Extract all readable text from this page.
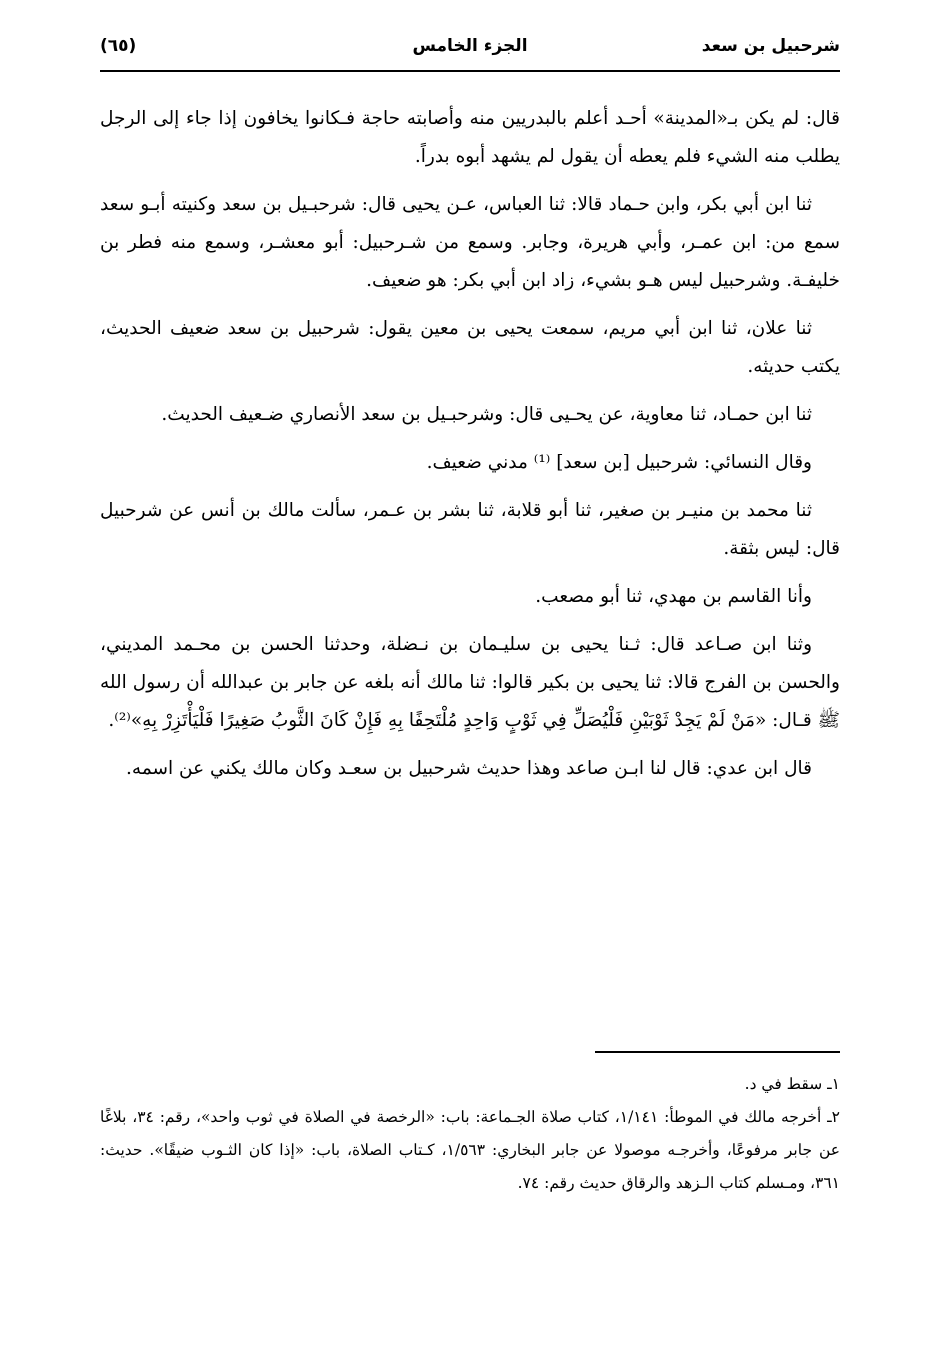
شرحبيل بن سعد
الجزء الخامس
(٦٥)

قال: لم يكن بـ«المدينة» أحـد أعلم بالبدريين منه وأصابته حاجة فـكانوا يخافون إذا جاء إلى الرجل يطلب منه الشيء فلم يعطه أن يقول لم يشهد أبوه بدراً.

ثنا ابن أبي بكر، وابن حـماد قالا: ثنا العباس، عـن يحيى قال: شرحبـيل بن سعد وكنيته أبـو سعد سمع من: ابن عمـر، وأبي هريرة، وجابر. وسمع من شـرحبيل: أبو معشـر، وسمع منه فطر بن خليفـة. وشرحبيل ليس هـو بشيء، زاد ابن أبي بكر: هو ضعيف.

ثنا علان، ثنا ابن أبي مريم، سمعت يحيى بن معين يقول: شرحبيل بن سعد ضعيف الحديث، يكتب حديثه.

ثنا ابن حمـاد، ثنا معاوية، عن يحـيى قال: وشرحبـيل بن سعد الأنصاري ضـعيف الحديث.

وقال النسائي: شرحبيل [بن سعد] ⁽¹⁾ مدني ضعيف.

ثنا محمد بن منيـر بن صغير، ثنا أبو قلابة، ثنا بشر بن عـمر، سألت مالك بن أنس عن شرحبيل قال: ليس بثقة.

وأنا القاسم بن مهدي، ثنا أبو مصعب.

وثنا ابن صـاعد قال: ثـنا يحيى بن سليـمان بن نـضلة، وحدثنا الحسن بن محـمد المديني، والحسن بن الفرج قالا: ثنا يحيى بن بكير قالوا: ثنا مالك أنه بلغه عن جابر بن عبدالله أن رسول الله ﷺ قـال: «مَنْ لَمْ يَجِدْ ثَوْبَيْنِ فَلْيُصَلِّ فِي ثَوْبٍ وَاحِدٍ مُلْتَحِفًا بِهِ فَإِنْ كَانَ الثَّوبُ صَغِيرًا فَلْيَأْتَزِرْ بِهِ»⁽²⁾.

قال ابن عدي: قال لنا ابـن صاعد وهذا حديث شرحبيل بن سعـد وكان مالك يكني عن اسمه.

١ـ سقط في د.

٢ـ أخرجه مالك في الموطأ: ١/١٤١، كتاب صلاة الجـماعة: باب: «الرخصة في الصلاة في ثوب واحد»، رقم: ٣٤، بلاغًا عن جابر مرفوعًا، وأخرجـه موصولا عن جابر البخاري: ١/٥٦٣، كـتاب الصلاة، باب: «إذا كان الثـوب ضيقًا». حديث: ٣٦١، ومـسلم كتاب الـزهد والرقاق حديث رقم: ٧٤.
